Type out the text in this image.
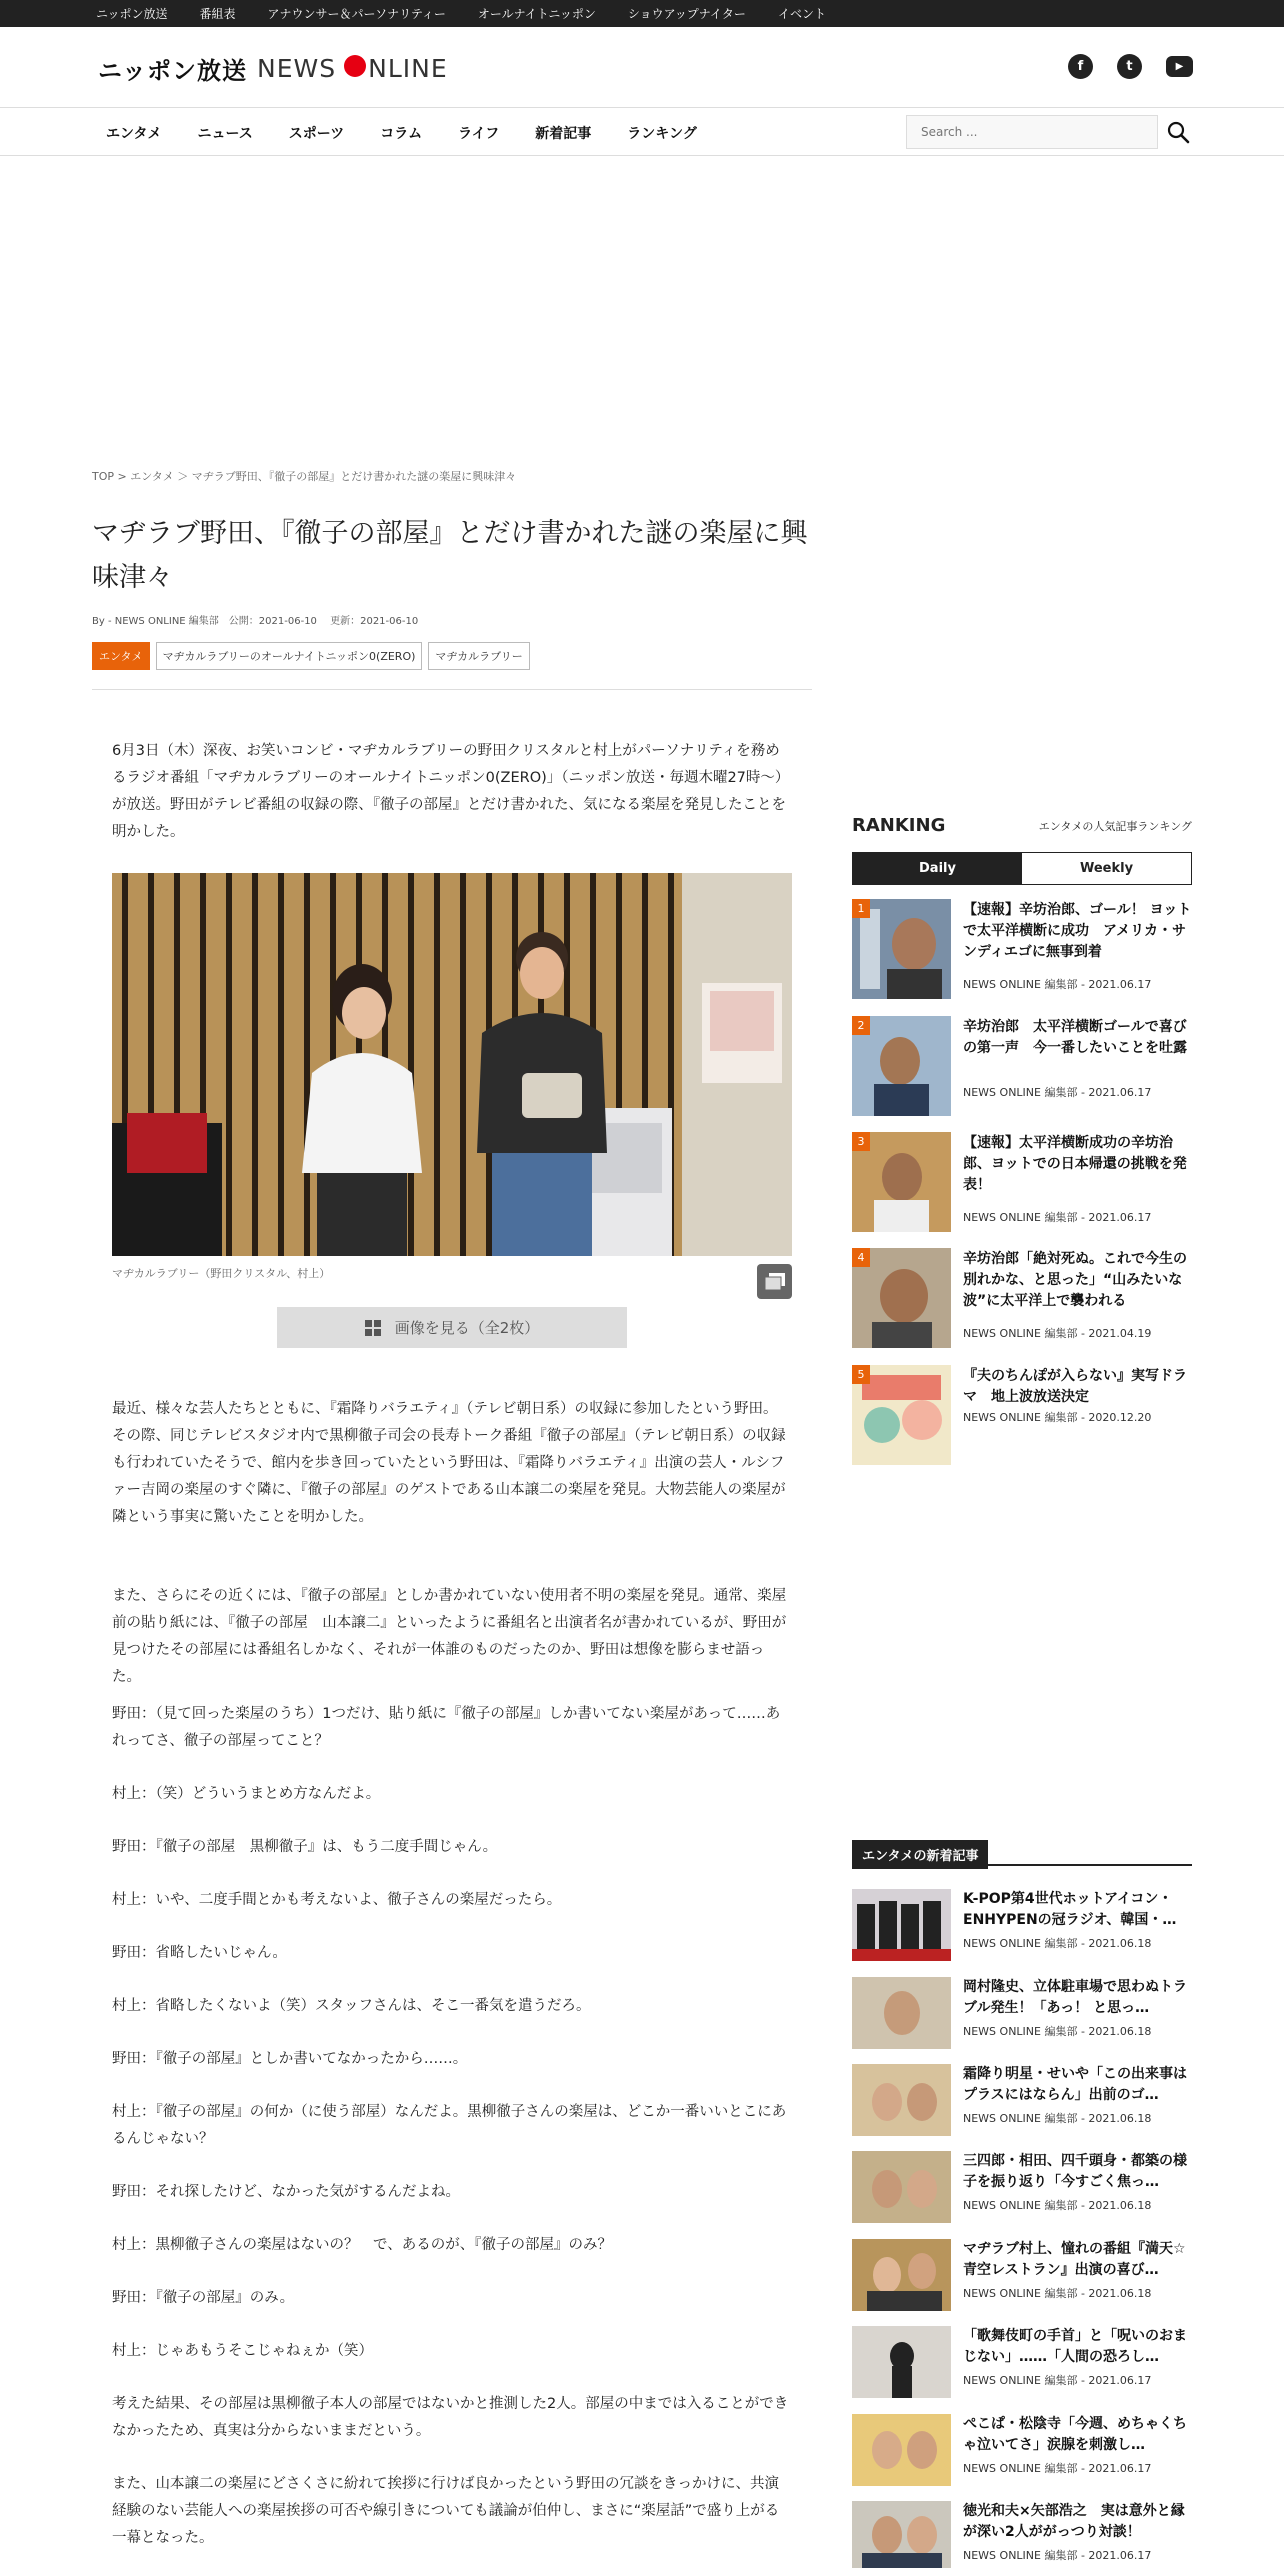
ニッポン放送	番組表	アナウンサー＆パーソナリティー	オールナイトニッポン	ショウアップナイター	イベント
ニッポン放送 NEWS NLINE	f	t	▶
エンタメ	ニュース	スポーツ	コラム	ライフ	新着記事	ランキング
Search ...
TOP > エンタメ ＞ マヂラブ野田、『徹子の部屋』とだけ書かれた謎の楽屋に興味津々
マヂラブ野田、『徹子の部屋』とだけ書かれた謎の楽屋に興味津々
By - NEWS ONLINE 編集部　公開：2021-06-10　 更新：2021-06-10
エンタメ	マヂカルラブリーのオールナイトニッポン0(ZERO)	マヂカルラブリー

6月3日（木）深夜、お笑いコンビ・マヂカルラブリーの野田クリスタルと村上がパーソナリティを務めるラジオ番組「マヂカルラブリーのオールナイトニッポン0(ZERO)」（ニッポン放送・毎週木曜27時～）が放送。野田がテレビ番組の収録の際、『徹子の部屋』とだけ書かれた、気になる楽屋を発見したことを明かした。

マヂカルラブリー（野田クリスタル、村上）
画像を見る（全2枚）

最近、様々な芸人たちとともに、『霜降りバラエティ』（テレビ朝日系）の収録に参加したという野田。その際、同じテレビスタジオ内で黒柳徹子司会の長寿トーク番組『徹子の部屋』（テレビ朝日系）の収録も行われていたそうで、館内を歩き回っていたという野田は、『霜降りバラエティ』出演の芸人・ルシファー吉岡の楽屋のすぐ隣に、『徹子の部屋』のゲストである山本譲二の楽屋を発見。大物芸能人の楽屋が隣という事実に驚いたことを明かした。

また、さらにその近くには、『徹子の部屋』としか書かれていない使用者不明の楽屋を発見。通常、楽屋前の貼り紙には、『徹子の部屋　山本譲二』といったように番組名と出演者名が書かれているが、野田が見つけたその部屋には番組名しかなく、それが一体誰のものだったのか、野田は想像を膨らませ語った。

野田：（見て回った楽屋のうち）1つだけ、貼り紙に『徹子の部屋』しか書いてない楽屋があって……あれってさ、徹子の部屋ってこと？

村上：（笑）どういうまとめ方なんだよ。

野田：『徹子の部屋　黒柳徹子』は、もう二度手間じゃん。

村上：いや、二度手間とかも考えないよ、徹子さんの楽屋だったら。

野田：省略したいじゃん。

村上：省略したくないよ（笑）スタッフさんは、そこ一番気を遣うだろ。

野田：『徹子の部屋』としか書いてなかったから……。

村上：『徹子の部屋』の何か（に使う部屋）なんだよ。黒柳徹子さんの楽屋は、どこか一番いいとこにあるんじゃない？

野田：それ探したけど、なかった気がするんだよね。

村上：黒柳徹子さんの楽屋はないの？　で、あるのが、『徹子の部屋』のみ？

野田：『徹子の部屋』のみ。

村上：じゃあもうそこじゃねぇか（笑）

考えた結果、その部屋は黒柳徹子本人の部屋ではないかと推測した2人。部屋の中までは入ることができなかったため、真実は分からないままだという。

また、山本譲二の楽屋にどさくさに紛れて挨拶に行けば良かったという野田の冗談をきっかけに、共演経験のない芸能人への楽屋挨拶の可否や線引きについても議論が伯仲し、まさに“楽屋話”で盛り上がる一幕となった。

RANKING	エンタメの人気記事ランキング
Daily	Weekly
1	【速報】辛坊治郎、ゴール！ ヨットで太平洋横断に成功　アメリカ・サンディエゴに無事到着
NEWS ONLINE 編集部 - 2021.06.17
2	辛坊治郎　太平洋横断ゴールで喜びの第一声　今一番したいことを吐露
NEWS ONLINE 編集部 - 2021.06.17
3	【速報】太平洋横断成功の辛坊治郎、ヨットでの日本帰還の挑戦を発表！
NEWS ONLINE 編集部 - 2021.06.17
4	辛坊治郎「絶対死ぬ。これで今生の別れかな、と思った」“山みたいな波”に太平洋上で襲われる
NEWS ONLINE 編集部 - 2021.04.19
5	『夫のちんぽが入らない』実写ドラマ　地上波放送決定
NEWS ONLINE 編集部 - 2020.12.20
エンタメの新着記事
K-POP第4世代ホットアイコン・ENHYPENの冠ラジオ、韓国・…
NEWS ONLINE 編集部 - 2021.06.18
岡村隆史、立体駐車場で思わぬトラブル発生！「あっ！ と思っ…
NEWS ONLINE 編集部 - 2021.06.18
霜降り明星・せいや「この出来事はプラスにはならん」出前のゴ…
NEWS ONLINE 編集部 - 2021.06.18
三四郎・相田、四千頭身・都築の様子を振り返り「今すごく焦っ…
NEWS ONLINE 編集部 - 2021.06.18
マヂラブ村上、憧れの番組『満天☆青空レストラン』出演の喜び…
NEWS ONLINE 編集部 - 2021.06.18
「歌舞伎町の手首」と「呪いのおまじない」……「人間の恐ろし…
NEWS ONLINE 編集部 - 2021.06.17
ぺこぱ・松陰寺「今週、めちゃくちゃ泣いてさ」涙腺を刺激し…
NEWS ONLINE 編集部 - 2021.06.17
徳光和夫×矢部浩之　実は意外と縁が深い2人ががっつり対談！
NEWS ONLINE 編集部 - 2021.06.17
